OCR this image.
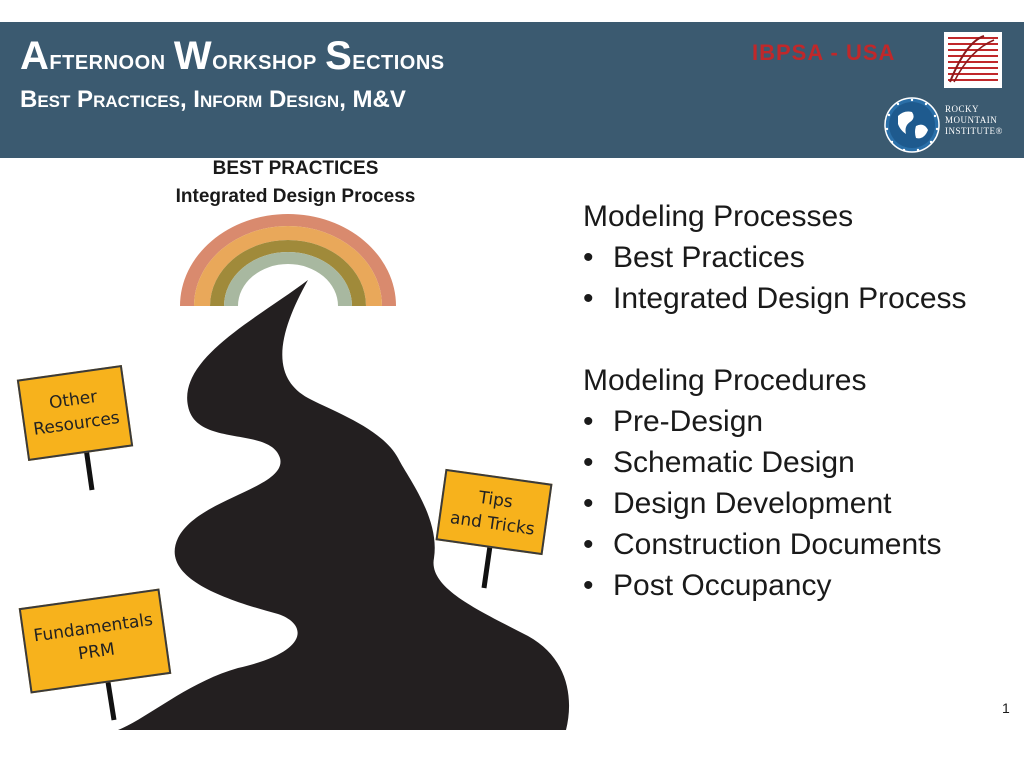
Afternoon Workshop Sections
Best Practices, Inform Design, M&V
IBPSA - USA
ROCKY
MOUNTAIN
INSTITUTE®
BEST PRACTICES
Integrated Design Process
Other
Resources
Tips
and Tricks
Fundamentals
PRM
Modeling Processes
• Best Practices
• Integrated Design Process
Modeling Procedures
• Pre-Design
• Schematic Design
• Design Development
• Construction Documents
• Post Occupancy
1
